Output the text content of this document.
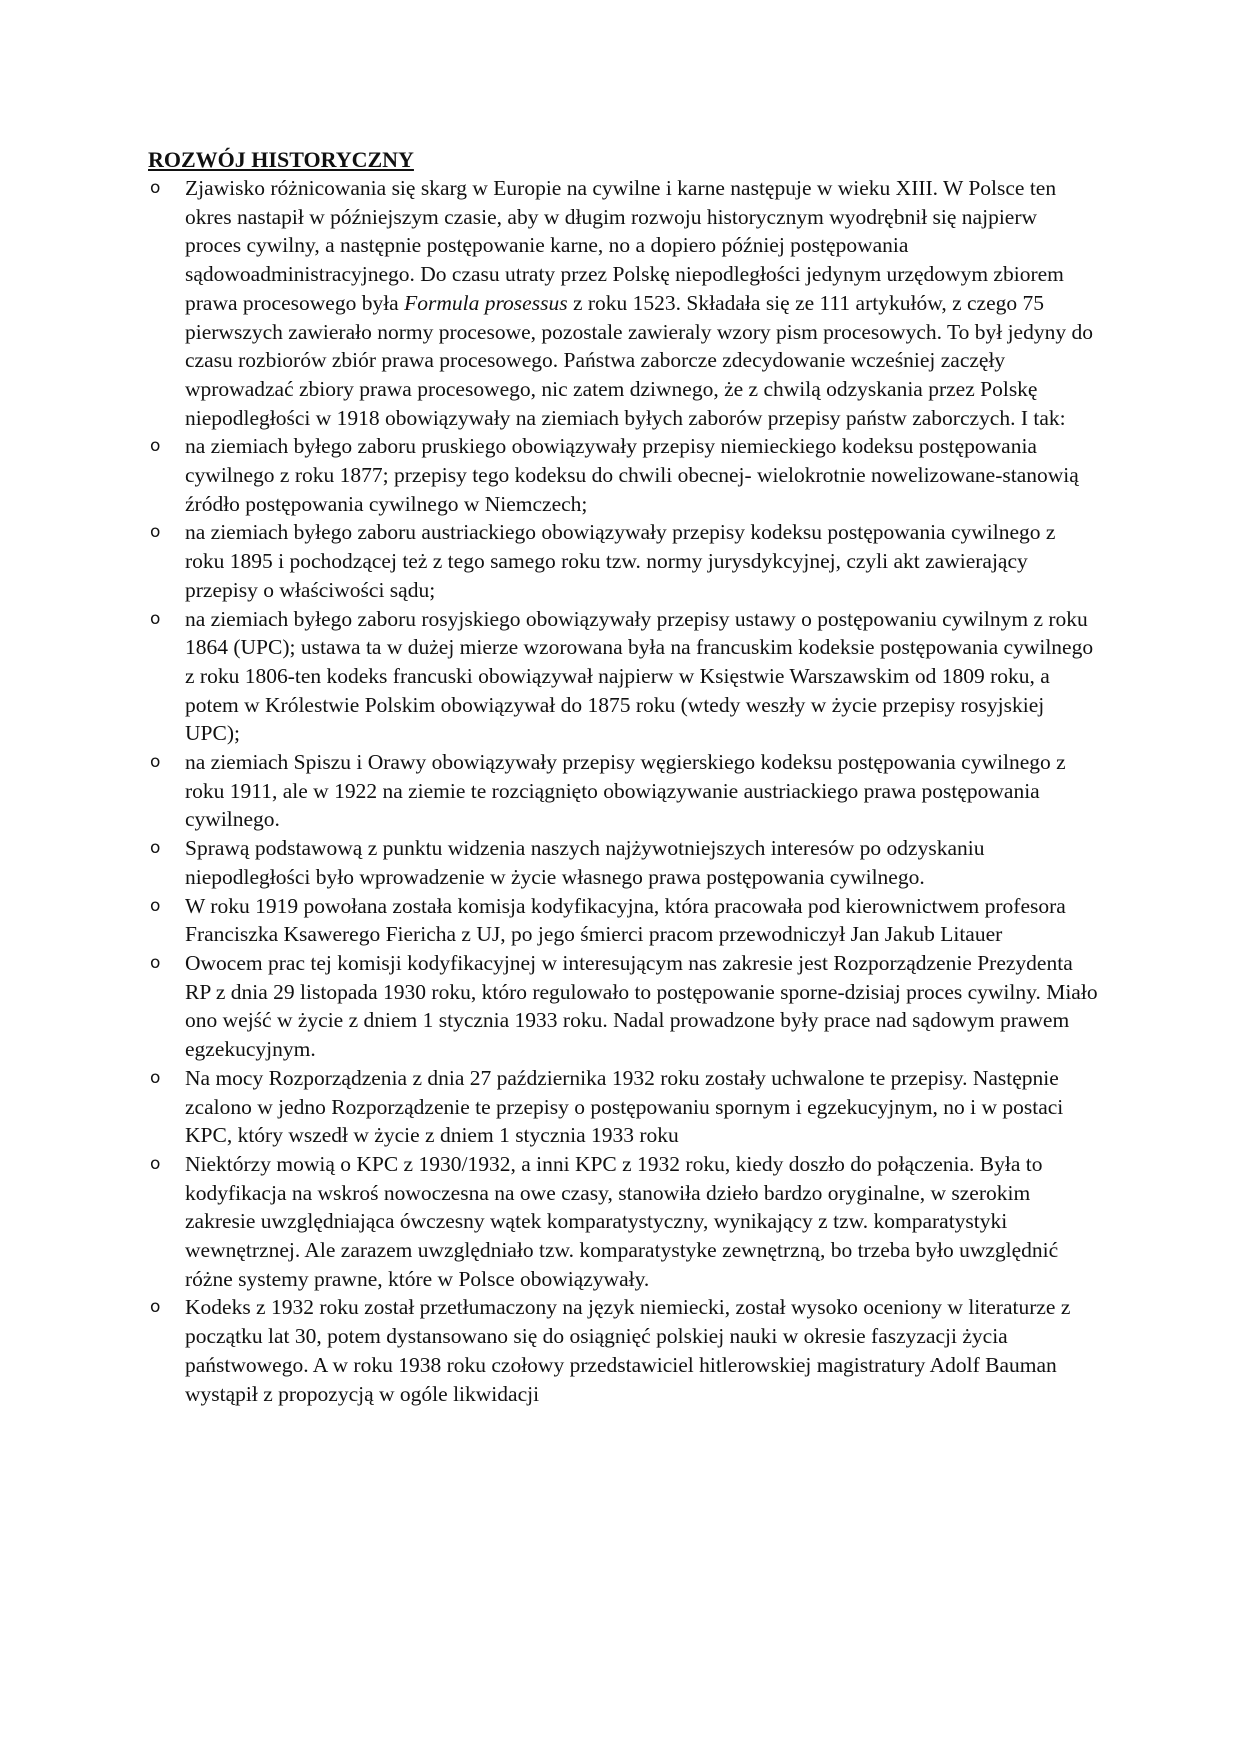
ROZWÓJ HISTORYCZNY
o Zjawisko różnicowania się skarg w Europie na cywilne i karne następuje w wieku XIII. W Polsce ten okres nastapił w późniejszym czasie, aby w długim rozwoju historycznym wyodrębnił się najpierw proces cywilny, a następnie postępowanie karne, no a dopiero później postępowania sądowoadministracyjnego. Do czasu utraty przez Polskę niepodległości jedynym urzędowym zbiorem prawa procesowego była Formula prosessus z roku 1523. Składała się ze 111 artykułów, z czego 75 pierwszych zawierało normy procesowe, pozostale zawieraly wzory pism procesowych. To był jedyny do czasu rozbiorów zbiór prawa procesowego. Państwa zaborcze zdecydowanie wcześniej zaczęły wprowadzać zbiory prawa procesowego, nic zatem dziwnego, że z chwilą odzyskania przez Polskę niepodległości w 1918 obowiązywały na ziemiach byłych zaborów przepisy państw zaborczych. I tak:
o na ziemiach byłego zaboru pruskiego obowiązywały przepisy niemieckiego kodeksu postępowania cywilnego z roku 1877; przepisy tego kodeksu do chwili obecnej- wielokrotnie nowelizowane-stanowią źródło postępowania cywilnego w Niemczech;
o na ziemiach byłego zaboru austriackiego obowiązywały przepisy kodeksu postępowania cywilnego z roku 1895 i pochodzącej też z tego samego roku tzw. normy jurysdykcyjnej, czyli akt zawierający przepisy o właściwości sądu;
o na ziemiach byłego zaboru rosyjskiego obowiązywały przepisy ustawy o postępowaniu cywilnym z roku 1864 (UPC); ustawa ta w dużej mierze wzorowana była na francuskim kodeksie postępowania cywilnego z roku 1806-ten kodeks francuski obowiązywał najpierw w Księstwie Warszawskim od 1809 roku, a potem w Królestwie Polskim obowiązywał do 1875 roku (wtedy weszły w życie przepisy rosyjskiej UPC);
o na ziemiach Spiszu i Orawy obowiązywały przepisy węgierskiego kodeksu postępowania cywilnego z roku 1911, ale w 1922 na ziemie te rozciągnięto obowiązywanie austriackiego prawa postępowania cywilnego.
o Sprawą podstawową z punktu widzenia naszych najżywotniejszych interesów po odzyskaniu niepodległości było wprowadzenie w życie własnego prawa postępowania cywilnego.
o W roku 1919 powołana została komisja kodyfikacyjna, która pracowała pod kierownictwem profesora Franciszka Ksawerego Fiericha z UJ, po jego śmierci pracom przewodniczył Jan Jakub Litauer
o Owocem prac tej komisji kodyfikacyjnej w interesującym nas zakresie jest Rozporządzenie Prezydenta RP z dnia 29 listopada 1930 roku, któro regulowało to postępowanie sporne-dzisiaj proces cywilny. Miało ono wejść w życie z dniem 1 stycznia 1933 roku. Nadal prowadzone były prace nad sądowym prawem egzekucyjnym.
o Na mocy Rozporządzenia z dnia 27 października 1932 roku zostały uchwalone te przepisy. Następnie zcalono w jedno Rozporządzenie te przepisy o postępowaniu spornym i egzekucyjnym, no i w postaci KPC, który wszedł w życie z dniem 1 stycznia 1933 roku
o Niektórzy mowią o KPC z 1930/1932, a inni KPC z 1932 roku, kiedy doszło do połączenia. Była to kodyfikacja na wskroś nowoczesna na owe czasy, stanowiła dzieło bardzo oryginalne, w szerokim zakresie uwzględniająca ówczesny wątek komparatystyczny, wynikający z tzw. komparatystyki wewnętrznej. Ale zarazem uwzględniało tzw. komparatystyke zewnętrzną, bo trzeba było uwzględnić różne systemy prawne, które w Polsce obowiązywały.
o Kodeks z 1932 roku został przetłumaczony na język niemiecki, został wysoko oceniony w literaturze z początku lat 30, potem dystansowano się do osiągnięć polskiej nauki w okresie faszyzacji życia państwowego. A w roku 1938 roku czołowy przedstawiciel hitlerowskiej magistratury Adolf Bauman wystąpił z propozycją w ogóle likwidacji
